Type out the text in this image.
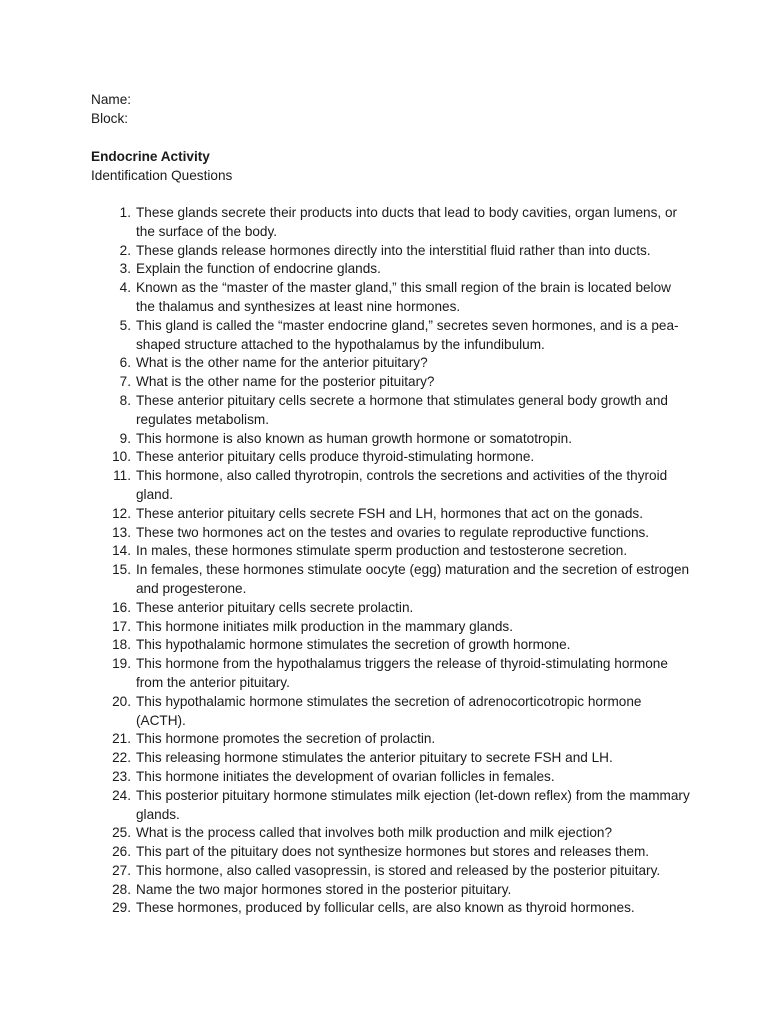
Name:
Block:
Endocrine Activity
Identification Questions
1. These glands secrete their products into ducts that lead to body cavities, organ lumens, or the surface of the body.
2. These glands release hormones directly into the interstitial fluid rather than into ducts.
3. Explain the function of endocrine glands.
4. Known as the “master of the master gland,” this small region of the brain is located below the thalamus and synthesizes at least nine hormones.
5. This gland is called the “master endocrine gland,” secretes seven hormones, and is a pea-shaped structure attached to the hypothalamus by the infundibulum.
6. What is the other name for the anterior pituitary?
7. What is the other name for the posterior pituitary?
8. These anterior pituitary cells secrete a hormone that stimulates general body growth and regulates metabolism.
9. This hormone is also known as human growth hormone or somatotropin.
10. These anterior pituitary cells produce thyroid-stimulating hormone.
11. This hormone, also called thyrotropin, controls the secretions and activities of the thyroid gland.
12. These anterior pituitary cells secrete FSH and LH, hormones that act on the gonads.
13. These two hormones act on the testes and ovaries to regulate reproductive functions.
14. In males, these hormones stimulate sperm production and testosterone secretion.
15. In females, these hormones stimulate oocyte (egg) maturation and the secretion of estrogen and progesterone.
16. These anterior pituitary cells secrete prolactin.
17. This hormone initiates milk production in the mammary glands.
18. This hypothalamic hormone stimulates the secretion of growth hormone.
19. This hormone from the hypothalamus triggers the release of thyroid-stimulating hormone from the anterior pituitary.
20. This hypothalamic hormone stimulates the secretion of adrenocorticotropic hormone (ACTH).
21. This hormone promotes the secretion of prolactin.
22. This releasing hormone stimulates the anterior pituitary to secrete FSH and LH.
23. This hormone initiates the development of ovarian follicles in females.
24. This posterior pituitary hormone stimulates milk ejection (let-down reflex) from the mammary glands.
25. What is the process called that involves both milk production and milk ejection?
26. This part of the pituitary does not synthesize hormones but stores and releases them.
27. This hormone, also called vasopressin, is stored and released by the posterior pituitary.
28. Name the two major hormones stored in the posterior pituitary.
29. These hormones, produced by follicular cells, are also known as thyroid hormones.
